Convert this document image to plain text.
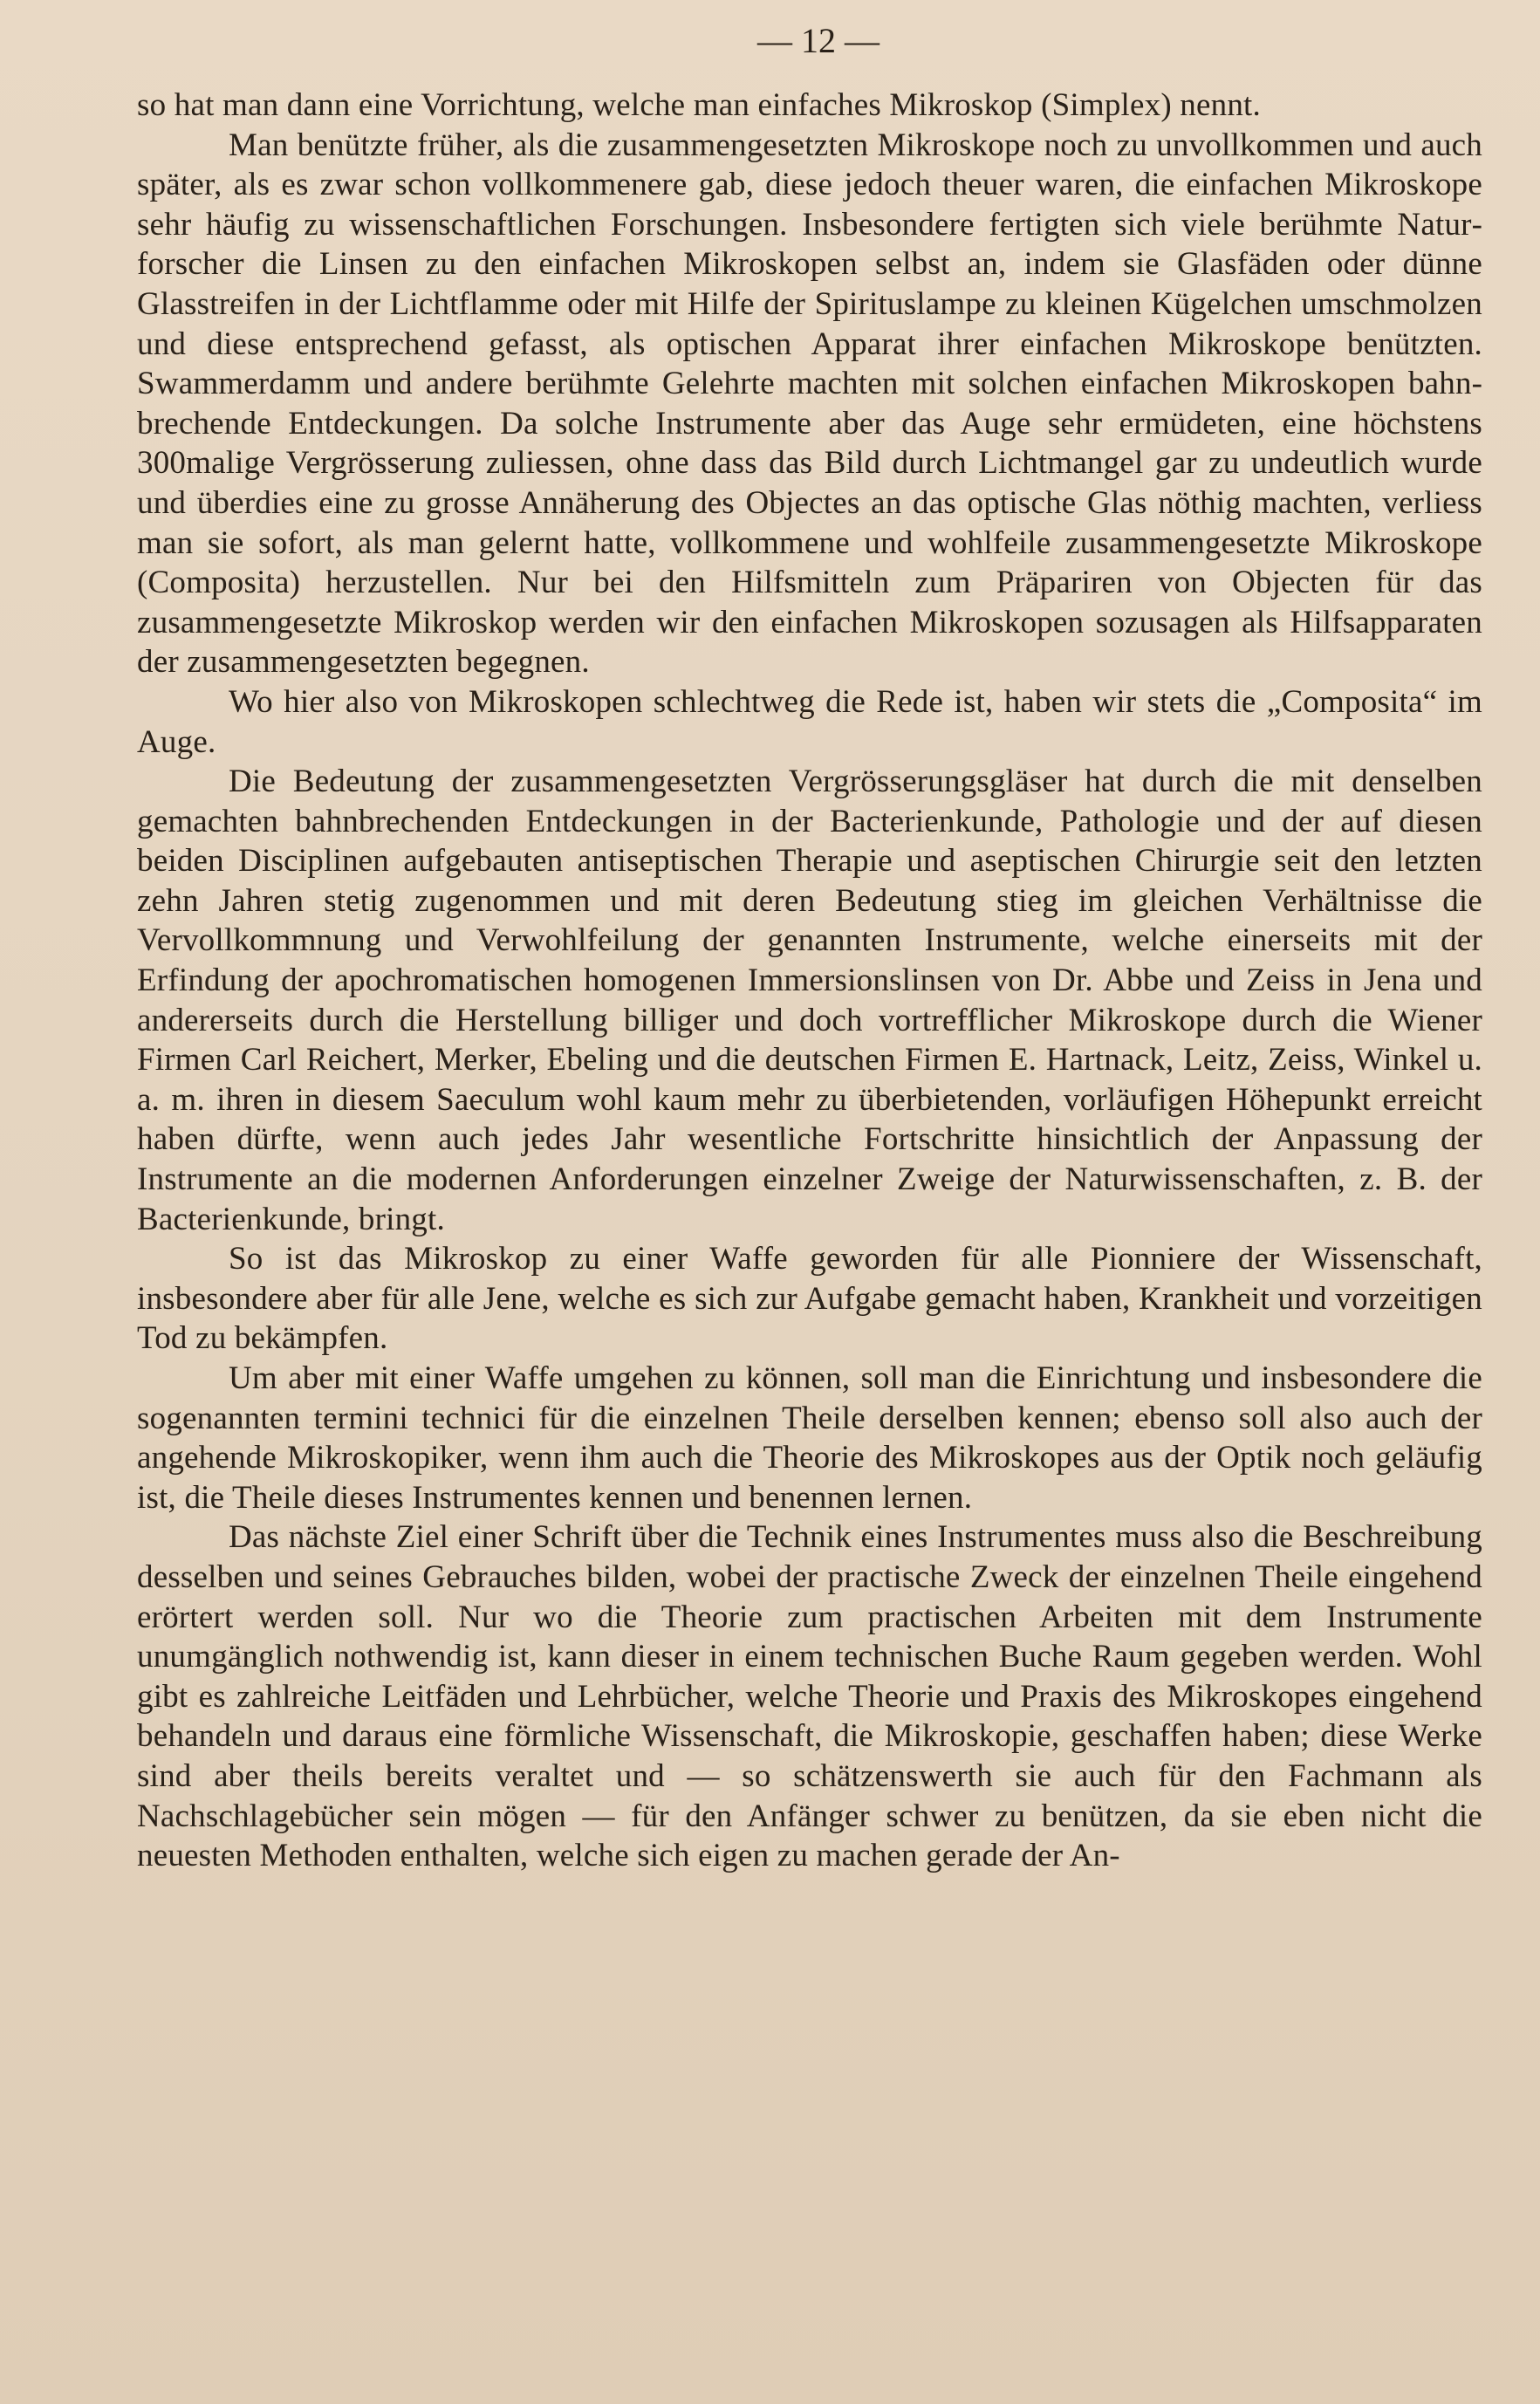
— 12 —

so hat man dann eine Vorrichtung, welche man einfaches Mikroskop (Simplex) nennt.

Man benützte früher, als die zusammengesetzten Mikroskope noch zu unvollkommen und auch später, als es zwar schon vollkommenere gab, diese jedoch theuer waren, die einfachen Mikroskope sehr häufig zu wissenschaftlichen Forschungen. Insbesondere fertigten sich viele berühmte Naturforscher die Linsen zu den einfachen Mikroskopen selbst an, indem sie Glasfäden oder dünne Glasstreifen in der Lichtflamme oder mit Hilfe der Spirituslampe zu kleinen Kügelchen umschmolzen und diese entsprechend gefasst, als optischen Apparat ihrer einfachen Mikroskope benützten. Swammerdamm und andere berühmte Gelehrte machten mit solchen einfachen Mikroskopen bahnbrechende Entdeckungen. Da solche Instrumente aber das Auge sehr ermüdeten, eine höchstens 300malige Vergrösserung zuliessen, ohne dass das Bild durch Lichtmangel gar zu undeutlich wurde und überdies eine zu grosse Annäherung des Objectes an das optische Glas nöthig machten, verliess man sie sofort, als man gelernt hatte, vollkommene und wohlfeile zusammengesetzte Mikroskope (Composita) herzustellen. Nur bei den Hilfsmitteln zum Präpariren von Objecten für das zusammengesetzte Mikroskop werden wir den einfachen Mikroskopen sozusagen als Hilfsapparaten der zusammengesetzten begegnen.

Wo hier also von Mikroskopen schlechtweg die Rede ist, haben wir stets die „Composita“ im Auge.

Die Bedeutung der zusammengesetzten Vergrösserungsgläser hat durch die mit denselben gemachten bahnbrechenden Entdeckungen in der Bacterienkunde, Pathologie und der auf diesen beiden Disciplinen aufgebauten antiseptischen Therapie und aseptischen Chirurgie seit den letzten zehn Jahren stetig zugenommen und mit deren Bedeutung stieg im gleichen Verhältnisse die Vervollkommnung und Verwohlfeilung der genannten Instrumente, welche einerseits mit der Erfindung der apochromatischen homogenen Immersionslinsen von Dr. Abbe und Zeiss in Jena und andererseits durch die Herstellung billiger und doch vortrefflicher Mikroskope durch die Wiener Firmen Carl Reichert, Merker, Ebeling und die deutschen Firmen E. Hartnack, Leitz, Zeiss, Winkel u. a. m. ihren in diesem Saeculum wohl kaum mehr zu überbietenden, vorläufigen Höhepunkt erreicht haben dürfte, wenn auch jedes Jahr wesentliche Fortschritte hinsichtlich der Anpassung der Instrumente an die modernen Anforderungen einzelner Zweige der Naturwissenschaften, z. B. der Bacterienkunde, bringt.

So ist das Mikroskop zu einer Waffe geworden für alle Pionniere der Wissenschaft, insbesondere aber für alle Jene, welche es sich zur Aufgabe gemacht haben, Krankheit und vorzeitigen Tod zu bekämpfen.

Um aber mit einer Waffe umgehen zu können, soll man die Einrichtung und insbesondere die sogenannten termini technici für die einzelnen Theile derselben kennen; ebenso soll also auch der angehende Mikroskopiker, wenn ihm auch die Theorie des Mikroskopes aus der Optik noch geläufig ist, die Theile dieses Instrumentes kennen und benennen lernen.

Das nächste Ziel einer Schrift über die Technik eines Instrumentes muss also die Beschreibung desselben und seines Gebrauches bilden, wobei der practische Zweck der einzelnen Theile eingehend erörtert werden soll. Nur wo die Theorie zum practischen Arbeiten mit dem Instrumente unumgänglich nothwendig ist, kann dieser in einem technischen Buche Raum gegeben werden. Wohl gibt es zahlreiche Leitfäden und Lehrbücher, welche Theorie und Praxis des Mikroskopes eingehend behandeln und daraus eine förmliche Wissenschaft, die Mikroskopie, geschaffen haben; diese Werke sind aber theils bereits veraltet und — so schätzenswerth sie auch für den Fachmann als Nachschlagebücher sein mögen — für den Anfänger schwer zu benützen, da sie eben nicht die neuesten Methoden enthalten, welche sich eigen zu machen gerade der An-
